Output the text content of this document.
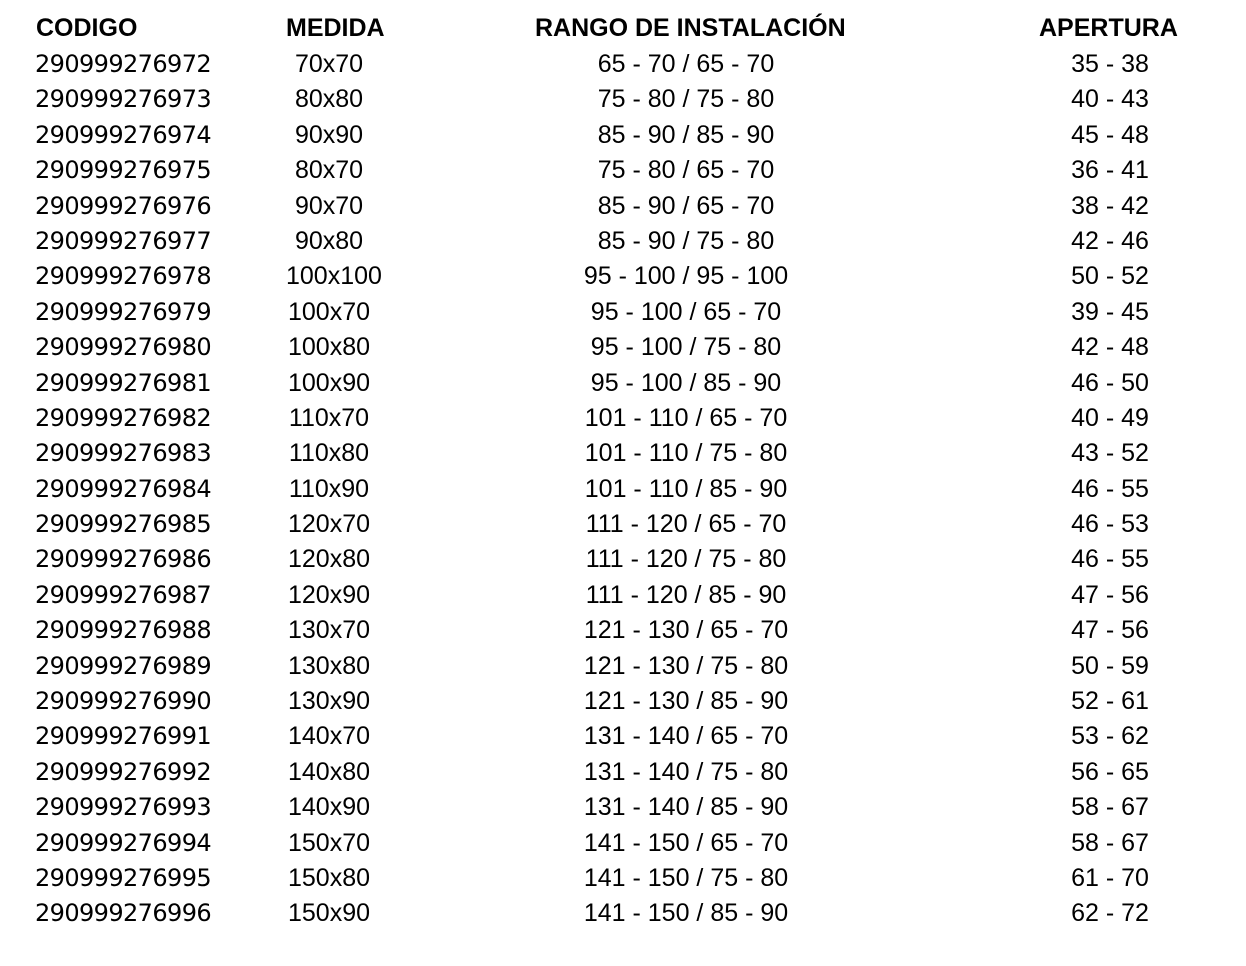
CODIGO	MEDIDA	RANGO DE INSTALACIÓN	APERTURA
290999276972	70x70	65 - 70 / 65 - 70	35 - 38
290999276973	80x80	75 - 80 / 75 - 80	40 - 43
290999276974	90x90	85 - 90 / 85 - 90	45 - 48
290999276975	80x70	75 - 80 / 65 - 70	36 - 41
290999276976	90x70	85 - 90 / 65 - 70	38 - 42
290999276977	90x80	85 - 90 / 75 - 80	42 - 46
290999276978	100x100	95 - 100 / 95 - 100	50 - 52
290999276979	100x70	95 - 100 / 65 - 70	39 - 45
290999276980	100x80	95 - 100 / 75 - 80	42 - 48
290999276981	100x90	95 - 100 / 85 - 90	46 - 50
290999276982	110x70	101 - 110 / 65 - 70	40 - 49
290999276983	110x80	101 - 110 / 75 - 80	43 - 52
290999276984	110x90	101 - 110 / 85 - 90	46 - 55
290999276985	120x70	111 - 120 / 65 - 70	46 - 53
290999276986	120x80	111 - 120 / 75 - 80	46 - 55
290999276987	120x90	111 - 120 / 85 - 90	47 - 56
290999276988	130x70	121 - 130 / 65 - 70	47 - 56
290999276989	130x80	121 - 130 / 75 - 80	50 - 59
290999276990	130x90	121 - 130 / 85 - 90	52 - 61
290999276991	140x70	131 - 140 / 65 - 70	53 - 62
290999276992	140x80	131 - 140 / 75 - 80	56 - 65
290999276993	140x90	131 - 140 / 85 - 90	58 - 67
290999276994	150x70	141 - 150 / 65 - 70	58 - 67
290999276995	150x80	141 - 150 / 75 - 80	61 - 70
290999276996	150x90	141 - 150 / 85 - 90	62 - 72
